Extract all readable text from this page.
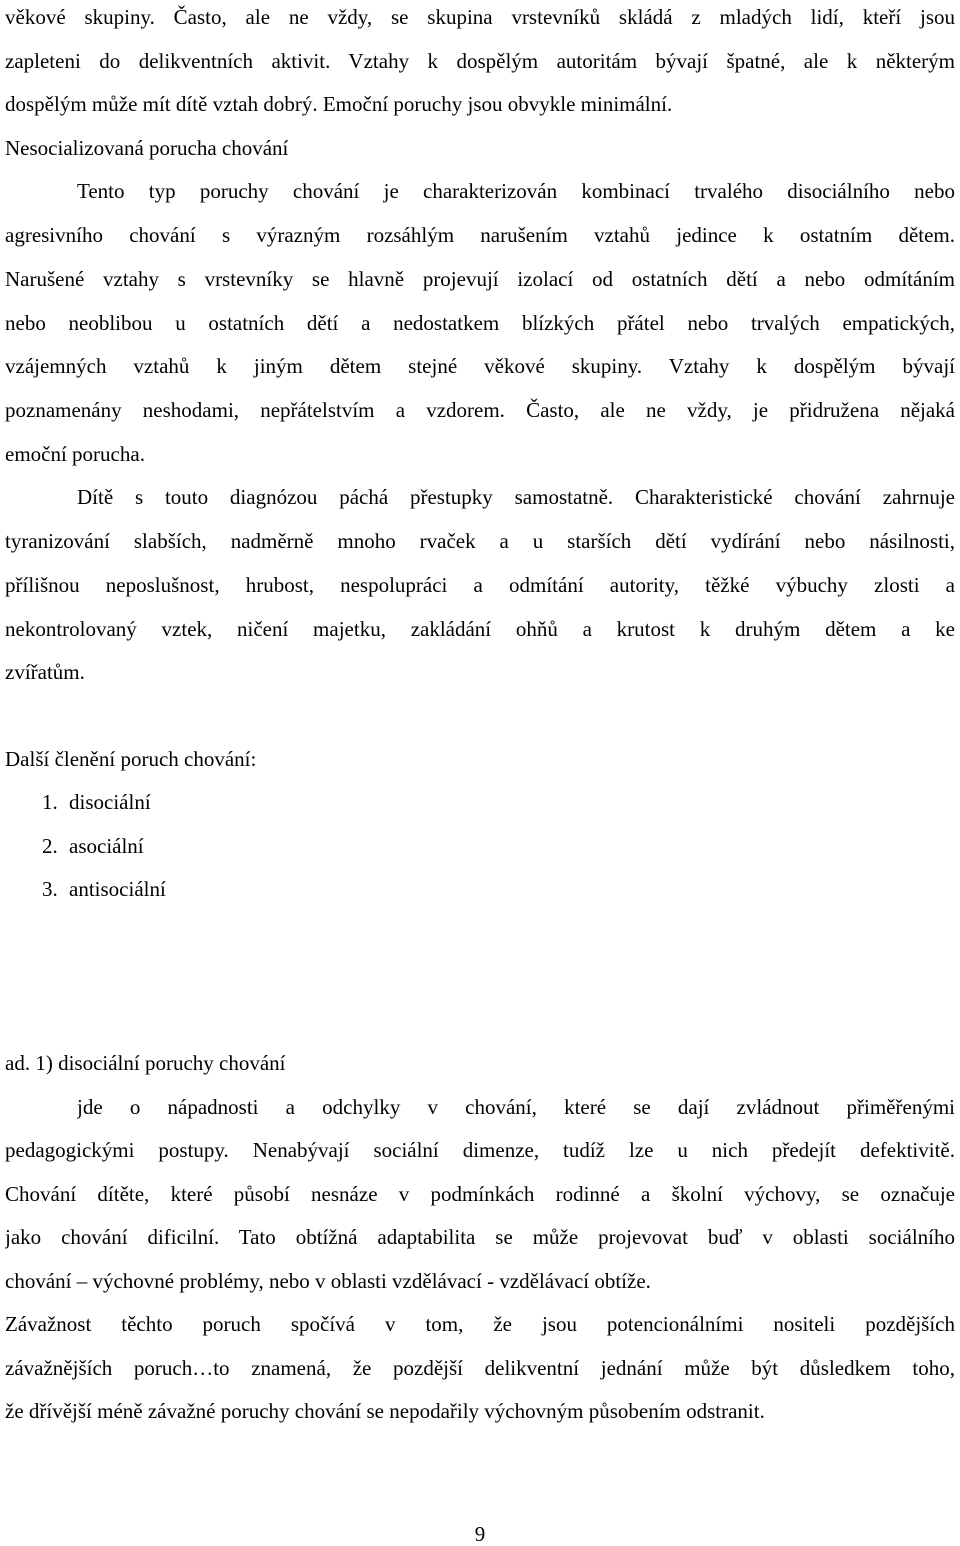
věkové skupiny. Často, ale ne vždy, se skupina vrstevníků skládá z mladých lidí, kteří jsou
zapleteni do delikventních aktivit. Vztahy k dospělým autoritám bývají špatné, ale k některým
dospělým může mít dítě vztah dobrý. Emoční poruchy jsou obvykle minimální.
Nesocializovaná porucha chování
Tento typ poruchy chování je charakterizován kombinací trvalého disociálního nebo
agresivního chování s výrazným rozsáhlým narušením vztahů jedince k ostatním dětem.
Narušené vztahy s vrstevníky se hlavně projevují izolací od ostatních dětí a nebo odmítáním
nebo neoblibou u ostatních dětí a nedostatkem blízkých přátel nebo trvalých empatických,
vzájemných vztahů k jiným dětem stejné věkové skupiny. Vztahy k dospělým bývají
poznamenány neshodami, nepřátelstvím a vzdorem. Často, ale ne vždy, je přidružena nějaká
emoční porucha.
Dítě s touto diagnózou páchá přestupky samostatně. Charakteristické chování zahrnuje
tyranizování slabších, nadměrně mnoho rvaček a u starších dětí vydírání nebo násilnosti,
přílišnou neposlušnost, hrubost, nespolupráci a odmítání autority, těžké výbuchy zlosti a
nekontrolovaný vztek, ničení majetku, zakládání ohňů a krutost k druhým dětem a ke
zvířatům.
Další členění poruch chování:
1. disociální
2. asociální
3. antisociální
ad. 1) disociální poruchy chování
jde o nápadnosti a odchylky v chování, které se dají zvládnout přiměřenými
pedagogickými postupy. Nenabývají sociální dimenze, tudíž lze u nich předejít defektivitě.
Chování dítěte, které působí nesnáze v podmínkách rodinné a školní výchovy, se označuje
jako chování dificilní. Tato obtížná adaptabilita se může projevovat buď v oblasti sociálního
chování – výchovné problémy, nebo v oblasti vzdělávací - vzdělávací obtíže.
Závažnost těchto poruch spočívá v tom, že jsou potencionálními nositeli pozdějších
závažnějších poruch…to znamená, že pozdější delikventní jednání může být důsledkem toho,
že dřívější méně závažné poruchy chování se nepodařily výchovným působením odstranit.
9
